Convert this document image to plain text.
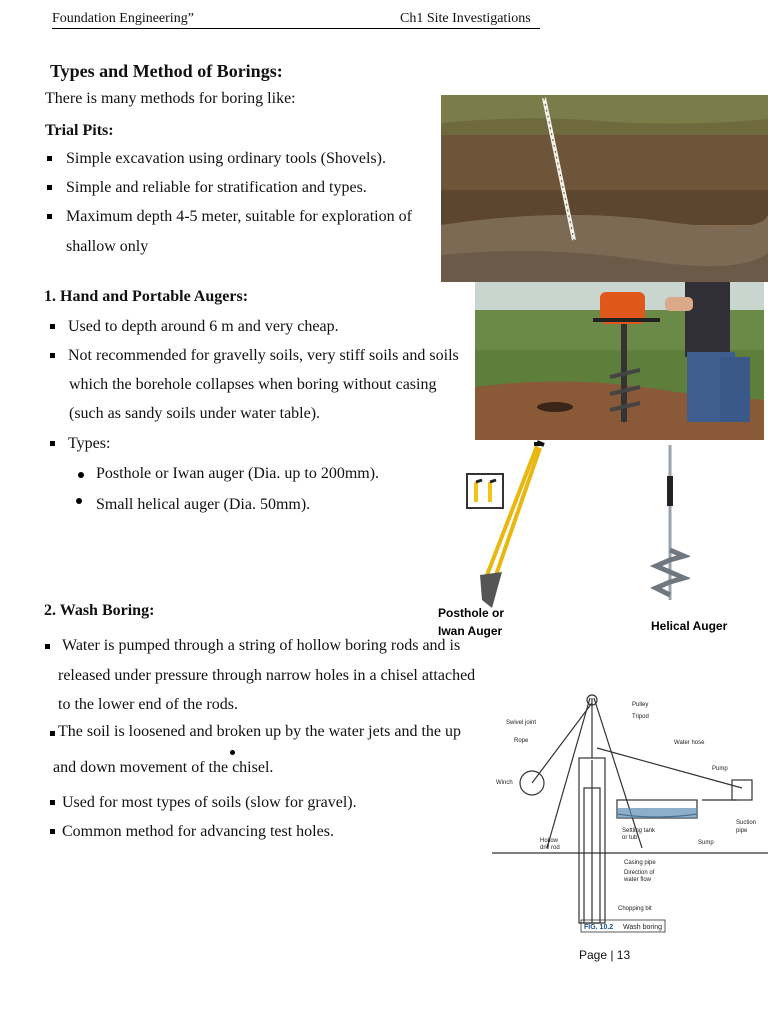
Foundation Engineering”	Ch1 Site Investigations
Types and Method of Borings:
There is many methods for boring like:
Trial Pits:
Simple excavation using ordinary tools (Shovels).
Simple and reliable for stratification and types.
Maximum depth 4-5 meter, suitable for exploration of
shallow only
1. Hand and Portable Augers:
Used to depth around 6 m and very cheap.
Not recommended for gravelly soils, very stiff soils and soils
which the borehole collapses when boring without casing
(such as sandy soils under water table).
Types:
Posthole or Iwan auger (Dia. up to 200mm).
Small helical auger (Dia. 50mm).
2. Wash Boring:
Water is pumped through a string of hollow boring rods and is
released under pressure through narrow holes in a chisel attached
to the lower end of the rods.
The soil is loosened and broken up by the water jets and the up
and down movement of the chisel.
Used for most types of soils (slow for gravel).
Common method for advancing test holes.
Posthole or
Iwan Auger	Helical Auger
Pulley
Tripod
Swivel joint
Rope	Water hose
Pump
Winch
Settling tank
or tub
Suction
pipe
Hollow
drill rod
Sump
Casing pipe
Direction of
water flow
Chopping bit
FIG. 10.2 Wash boring
Page | 13
